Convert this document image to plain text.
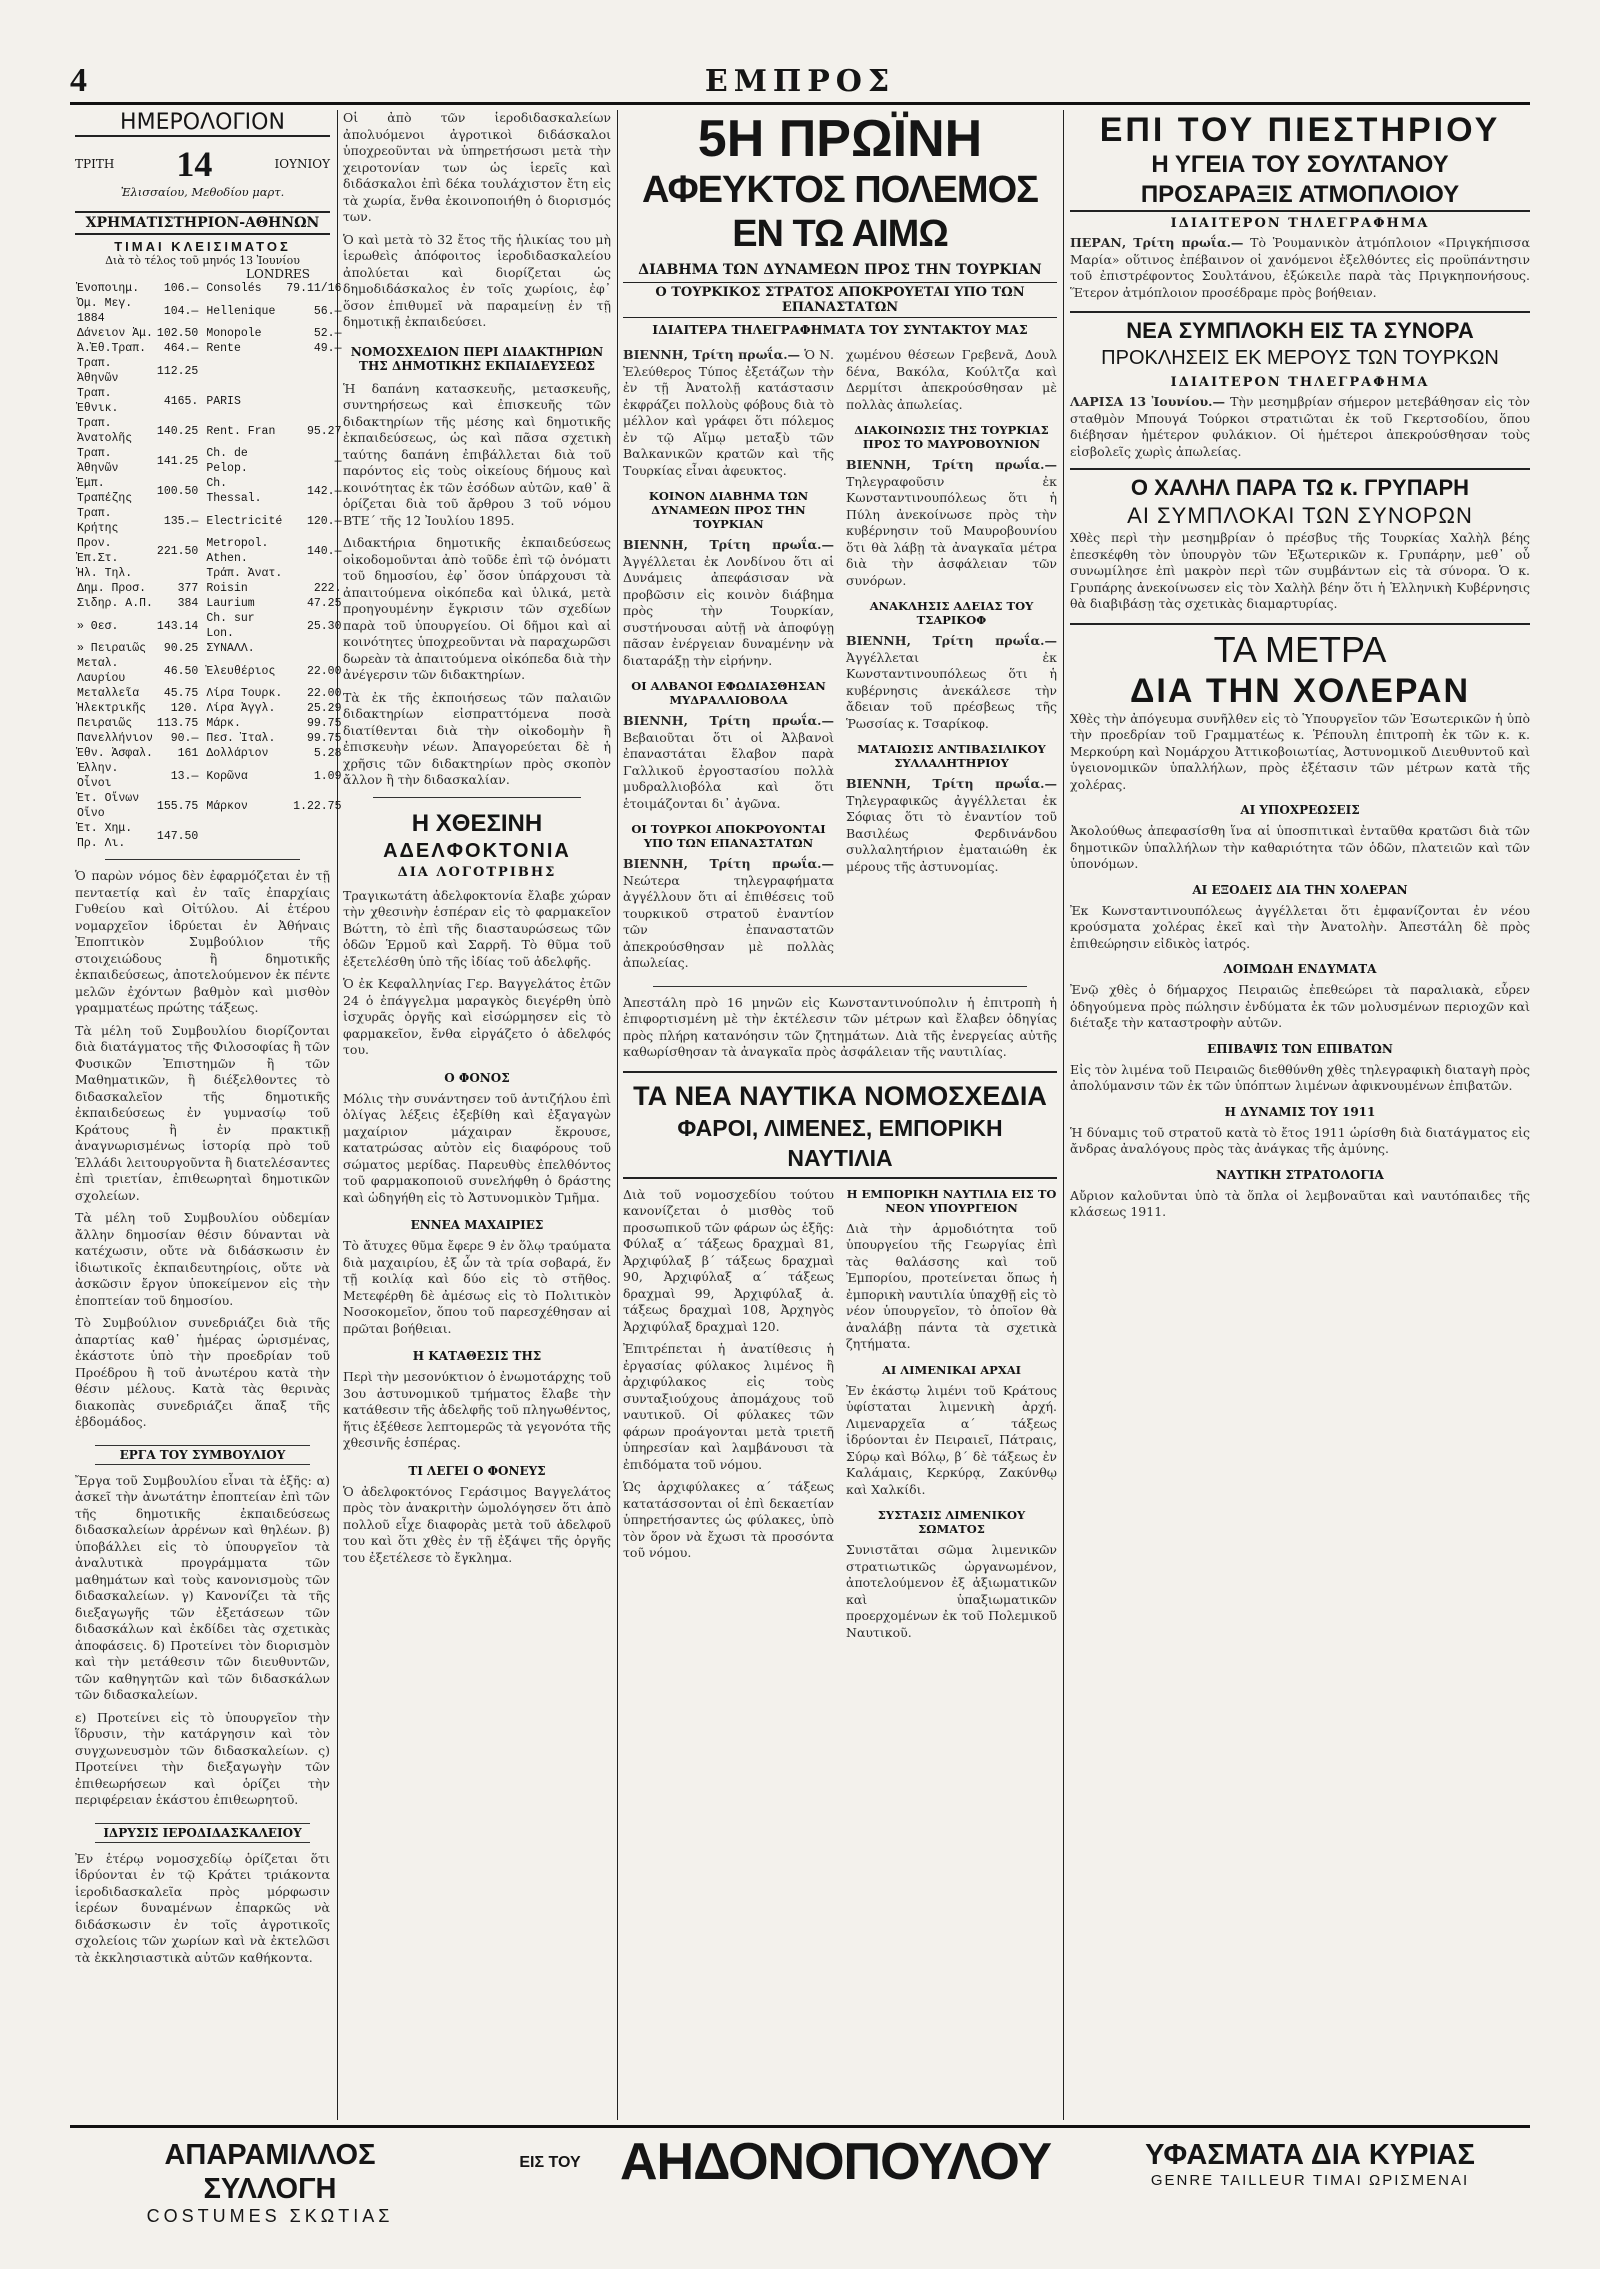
4	ΕΜΠΡΟΣ
ΗΜΕΡΟΛΟΓΙΟΝ
ΤΡΙΤΗ 14	ΙΟΥΝΙΟΥ
Ἐλισσαίου, Μεθοδίου μαρτ.
ΧΡΗΜΑΤΙΣΤΗΡΙΟΝ-ΑΘΗΝΩΝ
ΤΙΜΑΙ ΚΛΕΙΣΙΜΑΤΟΣ
Διὰ τὸ τέλος τοῦ μηνός 13 Ἰουνίου
LONDRES
Ἐνοποιημ.	106.—	Consolés	79.11/16
Ὀμ. Μεγ. 1884	104.—	Hellenique	56.—
Δάνειον Ἀμ.	102.50	Monopole	52.—
Ἀ.Ἐθ.Τραπ.	464.—	Rente	49.—
Τραπ. Ἀθηνῶν	112.25		
Τραπ. Ἐθνικ.	4165.	PARIS	
Τραπ. Ἀνατολῆς	140.25	Rent. Fran	95.27
Τραπ. Ἀθηνῶν	141.25	Ch. de Pelop.	—
Ἐμπ. Τραπέζης	100.50	Ch. Thessal.	142.—
Τραπ. Κρήτης	135.—	Electricité	120.—
Προν. Ἐπ.Στ.	221.50	Metropol. Athen.	140.—
Ἠλ. Τηλ.		Τράπ. Ἀνατ.	
Δημ. Προσ.	377	Roisin	222.
Σιδηρ. Α.Π.	384	Laurium	47.25
» Θεσ.	143.14	Ch. sur Lon.	25.30
» Πειραιῶς	90.25	ΣΥΝΑΛΛ.	
Μεταλ. Λαυρίου	46.50	Ἐλευθέριος	22.00
Μεταλλεῖα	45.75	Λίρα Τουρκ.	22.00
Ἠλεκτρικῆς	120.	Λίρα Ἀγγλ.	25.29
Πειραιῶς	113.75	Μάρκ.	99.75
Πανελλήνιον	90.—	Πεσ. Ἰταλ.	99.75
Ἐθν. Ἀσφαλ.	161	Δολλάριον	5.28
Ἑλλην. Οἶνοι	13.—	Κορῶνα	1.09
Ἐτ. Οἴνων Οἴνο	155.75	Μάρκον	1.22.75
Ἐτ. Χημ. Πρ. Λι.	147.50		

Ὁ παρὼν νόμος δὲν ἐφαρμόζεται ἐν τῇ πενταετίᾳ καὶ ἐν ταῖς ἐπαρχίαις Γυθείου καὶ Οἰτύλου. Αἱ ἑτέρου νομαρχεῖον ἱδρύεται ἐν Ἀθήναις Ἐποπτικὸν Συμβούλιον τῆς στοιχειώδους ἢ δημοτικῆς ἐκπαιδεύσεως, ἀποτελούμενον ἐκ πέντε μελῶν ἐχόντων βαθμὸν καὶ μισθὸν γραμματέως πρώτης τάξεως.

Τὰ μέλη τοῦ Συμβουλίου διορίζονται διὰ διατάγματος τῆς Φιλοσοφίας ἢ τῶν Φυσικῶν Ἐπιστημῶν ἢ τῶν Μαθηματικῶν, ἢ διέξελθοντες τὸ διδασκαλεῖον τῆς δημοτικῆς ἐκπαιδεύσεως ἐν γυμνασίῳ τοῦ Κράτους ἢ ἐν πρακτικῇ ἀναγνωρισμένως ἱστορίᾳ πρὸ τοῦ Ἑλλάδι λειτουργοῦντα ἢ διατελέσαντες ἐπὶ τριετίαν, ἐπιθεωρηταὶ δημοτικῶν σχολείων.

Τὰ μέλη τοῦ Συμβουλίου οὐδεμίαν ἄλλην δημοσίαν θέσιν δύνανται νὰ κατέχωσιν, οὔτε νὰ διδάσκωσιν ἐν ἰδιωτικοῖς ἐκπαιδευτηρίοις, οὔτε νὰ ἀσκῶσιν ἔργον ὑποκείμενον εἰς τὴν ἐποπτείαν τοῦ δημοσίου.

Τὸ Συμβούλιον συνεδριάζει διὰ τῆς ἀπαρτίας καθ᾽ ἡμέρας ὡρισμένας, ἐκάστοτε ὑπὸ τὴν προεδρίαν τοῦ Προέδρου ἢ τοῦ ἀνωτέρου κατὰ τὴν θέσιν μέλους. Κατὰ τὰς θερινὰς διακοπὰς συνεδριάζει ἅπαξ τῆς ἑβδομάδος.

ΕΡΓΑ ΤΟΥ ΣΥΜΒΟΥΛΙΟΥ

Ἔργα τοῦ Συμβουλίου εἶναι τὰ ἑξῆς: α) ἀσκεῖ τὴν ἀνωτάτην ἐποπτείαν ἐπὶ τῶν τῆς δημοτικῆς ἐκπαιδεύσεως διδασκαλείων ἀρρένων καὶ θηλέων. β) ὑποβάλλει εἰς τὸ ὑπουργεῖον τὰ ἀναλυτικὰ προγράμματα τῶν μαθημάτων καὶ τοὺς κανονισμοὺς τῶν διδασκαλείων. γ) Κανονίζει τὰ τῆς διεξαγωγῆς τῶν ἐξετάσεων τῶν διδασκάλων καὶ ἐκδίδει τὰς σχετικὰς ἀποφάσεις. δ) Προτείνει τὸν διορισμὸν καὶ τὴν μετάθεσιν τῶν διευθυντῶν, τῶν καθηγητῶν καὶ τῶν διδασκάλων τῶν διδασκαλείων.

ε) Προτείνει εἰς τὸ ὑπουργεῖον τὴν ἵδρυσιν, τὴν κατάργησιν καὶ τὸν συγχωνευσμὸν τῶν διδασκαλείων. ς) Προτείνει τὴν διεξαγωγὴν τῶν ἐπιθεωρήσεων καὶ ὁρίζει τὴν περιφέρειαν ἑκάστου ἐπιθεωρητοῦ.

ΙΔΡΥΣΙΣ ΙΕΡΟΔΙΔΑΣΚΑΛΕΙΟΥ

Ἐν ἑτέρῳ νομοσχεδίῳ ὁρίζεται ὅτι ἱδρύονται ἐν τῷ Κράτει τριάκοντα ἱεροδιδασκαλεῖα πρὸς μόρφωσιν ἱερέων δυναμένων ἐπαρκῶς νὰ διδάσκωσιν ἐν τοῖς ἀγροτικοῖς σχολείοις τῶν χωρίων καὶ νὰ ἐκτελῶσι τὰ ἐκκλησιαστικὰ αὐτῶν καθήκοντα.

Οἱ ἀπὸ τῶν ἱεροδιδασκαλείων ἀπολυόμενοι ἀγροτικοὶ διδάσκαλοι ὑποχρεοῦνται νὰ ὑπηρετήσωσι μετὰ τὴν χειροτονίαν των ὡς ἱερεῖς καὶ διδάσκαλοι ἐπὶ δέκα τουλάχιστον ἔτη εἰς τὰ χωρία, ἔνθα ἐκοινοποιήθη ὁ διορισμός των.

Ὁ καὶ μετὰ τὸ 32 ἔτος τῆς ἡλικίας του μὴ ἱερωθεὶς ἀπόφοιτος ἱεροδιδασκαλείου ἀπολύεται καὶ διορίζεται ὡς δημοδιδάσκαλος ἐν τοῖς χωρίοις, ἐφ᾽ ὅσον ἐπιθυμεῖ νὰ παραμείνῃ ἐν τῇ δημοτικῇ ἐκπαιδεύσει.

ΝΟΜΟΣΧΕΔΙΟΝ ΠΕΡΙ ΔΙΔΑΚΤΗΡΙΩΝ ΤΗΣ ΔΗΜΟΤΙΚΗΣ ΕΚΠΑΙΔΕΥΣΕΩΣ

Ἡ δαπάνη κατασκευῆς, μετασκευῆς, συντηρήσεως καὶ ἐπισκευῆς τῶν διδακτηρίων τῆς μέσης καὶ δημοτικῆς ἐκπαιδεύσεως, ὡς καὶ πᾶσα σχετικὴ ταύτης δαπάνη ἐπιβάλλεται διὰ τοῦ παρόντος εἰς τοὺς οἰκείους δήμους καὶ κοινότητας ἐκ τῶν ἐσόδων αὐτῶν, καθ᾽ ἃ ὁρίζεται διὰ τοῦ ἄρθρου 3 τοῦ νόμου ΒΤΕ΄ τῆς 12 Ἰουλίου 1895.

Διδακτήρια δημοτικῆς ἐκπαιδεύσεως οἰκοδομοῦνται ἀπὸ τοῦδε ἐπὶ τῷ ὀνόματι τοῦ δημοσίου, ἐφ᾽ ὅσον ὑπάρχουσι τὰ ἀπαιτούμενα οἰκόπεδα καὶ ὑλικά, μετὰ προηγουμένην ἔγκρισιν τῶν σχεδίων παρὰ τοῦ ὑπουργείου. Οἱ δῆμοι καὶ αἱ κοινότητες ὑποχρεοῦνται νὰ παραχωρῶσι δωρεὰν τὰ ἀπαιτούμενα οἰκόπεδα διὰ τὴν ἀνέγερσιν τῶν διδακτηρίων.

Τὰ ἐκ τῆς ἐκποιήσεως τῶν παλαιῶν διδακτηρίων εἰσπραττόμενα ποσὰ διατίθενται διὰ τὴν οἰκοδομὴν ἢ ἐπισκευὴν νέων. Ἀπαγορεύεται δὲ ἡ χρῆσις τῶν διδακτηρίων πρὸς σκοπὸν ἄλλον ἢ τὴν διδασκαλίαν.

Η ΧΘΕΣΙΝΗ
ΑΔΕΛΦΟΚΤΟΝΙΑ
ΔΙΑ ΛΟΓΟΤΡΙΒΗΣ

Τραγικωτάτη ἀδελφοκτονία ἔλαβε χώραν τὴν χθεσινὴν ἑσπέραν εἰς τὸ φαρμακεῖον Βώττη, τὸ ἐπὶ τῆς διασταυρώσεως τῶν ὁδῶν Ἑρμοῦ καὶ Σαρρῆ. Τὸ θῦμα τοῦ ἐξετελέσθη ὑπὸ τῆς ἰδίας τοῦ ἀδελφῆς.

Ὁ ἐκ Κεφαλληνίας Γερ. Βαγγελάτος ἐτῶν 24 ὁ ἐπάγγελμα μαραγκὸς διεγέρθη ὑπὸ ἰσχυρᾶς ὀργῆς καὶ εἰσώρμησεν εἰς τὸ φαρμακεῖον, ἔνθα εἰργάζετο ὁ ἀδελφός του.

Ο ΦΟΝΟΣ

Μόλις τὴν συνάντησεν τοῦ ἀντιζήλου ἐπὶ ὀλίγας λέξεις ἐξεβίθη καὶ ἐξαγαγὼν μαχαίριον μάχαιραν ἔκρουσε, κατατρώσας αὐτὸν εἰς διαφόρους τοῦ σώματος μερίδας. Παρευθὺς ἐπελθόντος τοῦ φαρμακοποιοῦ συνελήφθη ὁ δράστης καὶ ὡδηγήθη εἰς τὸ Ἀστυνομικὸν Τμῆμα.

ΕΝΝΕΑ ΜΑΧΑΙΡΙΕΣ

Τὸ ἄτυχες θῦμα ἔφερε 9 ἐν ὅλῳ τραύματα διὰ μαχαιρίου, ἐξ ὧν τὰ τρία σοβαρά, ἕν τῇ κοιλίᾳ καὶ δύο εἰς τὸ στῆθος. Μετεφέρθη δὲ ἀμέσως εἰς τὸ Πολιτικὸν Νοσοκομεῖον, ὅπου τοῦ παρεσχέθησαν αἱ πρῶται βοήθειαι.

Η ΚΑΤΑΘΕΣΙΣ ΤΗΣ

Περὶ τὴν μεσονύκτιον ὁ ἐνωμοτάρχης τοῦ 3ου ἀστυνομικοῦ τμήματος ἔλαβε τὴν κατάθεσιν τῆς ἀδελφῆς τοῦ πληγωθέντος, ἥτις ἐξέθεσε λεπτομερῶς τὰ γεγονότα τῆς χθεσινῆς ἑσπέρας.

ΤΙ ΛΕΓΕΙ Ο ΦΟΝΕΥΣ

Ὁ ἀδελφοκτόνος Γεράσιμος Βαγγελάτος πρὸς τὸν ἀνακριτὴν ὡμολόγησεν ὅτι ἀπὸ πολλοῦ εἶχε διαφορὰς μετὰ τοῦ ἀδελφοῦ του καὶ ὅτι χθὲς ἐν τῇ ἐξάψει τῆς ὀργῆς του ἐξετέλεσε τὸ ἔγκλημα.

5Η ΠΡΩΪΝΗ
ΑΦΕΥΚΤΟΣ ΠΟΛΕΜΟΣ ΕΝ ΤΩ ΑΙΜΩ
ΔΙΑΒΗΜΑ ΤΩΝ ΔΥΝΑΜΕΩΝ ΠΡΟΣ ΤΗΝ ΤΟΥΡΚΙΑΝ
Ο ΤΟΥΡΚΙΚΟΣ ΣΤΡΑΤΟΣ ΑΠΟΚΡΟΥΕΤΑΙ ΥΠΟ ΤΩΝ ΕΠΑΝΑΣΤΑΤΩΝ
ΙΔΙΑΙΤΕΡΑ ΤΗΛΕΓΡΑΦΗΜΑΤΑ ΤΟΥ ΣΥΝΤΑΚΤΟΥ ΜΑΣ

ΒΙΕΝΝΗ, Τρίτη πρωΐα.— Ὁ Ν. Ἐλεύθερος Τύπος ἐξετάζων τὴν ἐν τῇ Ἀνατολῇ κατάστασιν ἐκφράζει πολλοὺς φόβους διὰ τὸ μέλλον καὶ γράφει ὅτι πόλεμος ἐν τῷ Αἵμῳ μεταξὺ τῶν Βαλκανικῶν κρατῶν καὶ τῆς Τουρκίας εἶναι ἀφευκτος.

ΚΟΙΝΟΝ ΔΙΑΒΗΜΑ ΤΩΝ ΔΥΝΑΜΕΩΝ ΠΡΟΣ ΤΗΝ ΤΟΥΡΚΙΑΝ

ΒΙΕΝΝΗ, Τρίτη πρωΐα.— Ἀγγέλλεται ἐκ Λονδίνου ὅτι αἱ Δυνάμεις ἀπεφάσισαν νὰ προβῶσιν εἰς κοινὸν διάβημα πρὸς τὴν Τουρκίαν, συστήνουσαι αὐτῇ νὰ ἀποφύγῃ πᾶσαν ἐνέργειαν δυναμένην νὰ διαταράξῃ τὴν εἰρήνην.

ΟΙ ΑΛΒΑΝΟΙ ΕΦΩΔΙΑΣΘΗΣΑΝ ΜΥΔΡΑΛΛΙΟΒΟΛΑ

ΒΙΕΝΝΗ, Τρίτη πρωΐα.— Βεβαιοῦται ὅτι οἱ Ἀλβανοὶ ἐπαναστάται ἔλαβον παρὰ Γαλλικοῦ ἐργοστασίου πολλὰ μυδραλλιοβόλα καὶ ὅτι ἑτοιμάζονται δι᾽ ἀγῶνα.

ΟΙ ΤΟΥΡΚΟΙ ΑΠΟΚΡΟΥΟΝΤΑΙ ΥΠΟ ΤΩΝ ΕΠΑΝΑΣΤΑΤΩΝ

ΒΙΕΝΝΗ, Τρίτη πρωΐα.— Νεώτερα τηλεγραφήματα ἀγγέλλουν ὅτι αἱ ἐπιθέσεις τοῦ τουρκικοῦ στρατοῦ ἐναντίον τῶν ἐπαναστατῶν ἀπεκρούσθησαν μὲ πολλὰς ἀπωλείας.

χωμένου θέσεων Γρεβενᾶ, Δουλ δένα, Βακόλα, Κούλτζα καὶ Δερμίτσι ἀπεκρούσθησαν μὲ πολλὰς ἀπωλείας.

ΔΙΑΚΟΙΝΩΣΙΣ ΤΗΣ ΤΟΥΡΚΙΑΣ ΠΡΟΣ ΤΟ ΜΑΥΡΟΒΟΥΝΙΟΝ

ΒΙΕΝΝΗ, Τρίτη πρωΐα.— Τηλεγραφοῦσιν ἐκ Κωνσταντινουπόλεως ὅτι ἡ Πύλη ἀνεκοίνωσε πρὸς τὴν κυβέρνησιν τοῦ Μαυροβουνίου ὅτι θὰ λάβῃ τὰ ἀναγκαῖα μέτρα διὰ τὴν ἀσφάλειαν τῶν συνόρων.

ΑΝΑΚΛΗΣΙΣ ΑΔΕΙΑΣ ΤΟΥ ΤΣΑΡΙΚΟΦ

ΒΙΕΝΝΗ, Τρίτη πρωΐα.— Ἀγγέλλεται ἐκ Κωνσταντινουπόλεως ὅτι ἡ κυβέρνησις ἀνεκάλεσε τὴν ἄδειαν τοῦ πρέσβεως τῆς Ῥωσσίας κ. Τσαρίκοφ.

ΜΑΤΑΙΩΣΙΣ ΑΝΤΙΒΑΣΙΛΙΚΟΥ ΣΥΛΛΑΛΗΤΗΡΙΟΥ

ΒΙΕΝΝΗ, Τρίτη πρωΐα.— Τηλεγραφικῶς ἀγγέλλεται ἐκ Σόφιας ὅτι τὸ ἐναντίον τοῦ Βασιλέως Φερδινάνδου συλλαλητήριον ἐματαιώθη ἐκ μέρους τῆς ἀστυνομίας.

Ἀπεστάλη πρὸ 16 μηνῶν εἰς Κωνσταντινούπολιν ἡ ἐπιτροπὴ ἡ ἐπιφορτισμένη μὲ τὴν ἐκτέλεσιν τῶν μέτρων καὶ ἔλαβεν ὁδηγίας πρὸς πλήρη κατανόησιν τῶν ζητημάτων. Διὰ τῆς ἐνεργείας αὐτῆς καθωρίσθησαν τὰ ἀναγκαῖα πρὸς ἀσφάλειαν τῆς ναυτιλίας.

ΤΑ ΝΕΑ ΝΑΥΤΙΚΑ ΝΟΜΟΣΧΕΔΙΑ
ΦΑΡΟΙ, ΛΙΜΕΝΕΣ, ΕΜΠΟΡΙΚΗ ΝΑΥΤΙΛΙΑ

Διὰ τοῦ νομοσχεδίου τούτου κανονίζεται ὁ μισθὸς τοῦ προσωπικοῦ τῶν φάρων ὡς ἑξῆς: Φύλαξ α΄ τάξεως δραχμαὶ 81, Ἀρχιφύλαξ β΄ τάξεως δραχμαὶ 90, Ἀρχιφύλαξ α΄ τάξεως δραχμαὶ 99, Ἀρχιφύλαξ ἀ. τάξεως δραχμαὶ 108, Ἀρχηγὸς Ἀρχιφύλαξ δραχμαὶ 120.

Ἐπιτρέπεται ἡ ἀνατίθεσις ἡ ἐργασίας φύλακος λιμένος ἢ ἀρχιφύλακος εἰς τοὺς συνταξιούχους ἀπομάχους τοῦ ναυτικοῦ. Οἱ φύλακες τῶν φάρων προάγονται μετὰ τριετῆ ὑπηρεσίαν καὶ λαμβάνουσι τὰ ἐπιδόματα τοῦ νόμου.

Ὡς ἀρχιφύλακες α΄ τάξεως κατατάσσονται οἱ ἐπὶ δεκαετίαν ὑπηρετήσαντες ὡς φύλακες, ὑπὸ τὸν ὅρον νὰ ἔχωσι τὰ προσόντα τοῦ νόμου.

Η ΕΜΠΟΡΙΚΗ ΝΑΥΤΙΛΙΑ ΕΙΣ ΤΟ ΝΕΟΝ ΥΠΟΥΡΓΕΙΟΝ

Διὰ τὴν ἁρμοδιότητα τοῦ ὑπουργείου τῆς Γεωργίας ἐπὶ τὰς θαλάσσης καὶ τοῦ Ἐμπορίου, προτείνεται ὅπως ἡ ἐμπορικὴ ναυτιλία ὑπαχθῇ εἰς τὸ νέον ὑπουργεῖον, τὸ ὁποῖον θὰ ἀναλάβῃ πάντα τὰ σχετικὰ ζητήματα.

ΑΙ ΛΙΜΕΝΙΚΑΙ ΑΡΧΑΙ

Ἐν ἑκάστῳ λιμένι τοῦ Κράτους ὑφίσταται λιμενικὴ ἀρχή. Λιμεναρχεῖα α΄ τάξεως ἱδρύονται ἐν Πειραιεῖ, Πάτραις, Σύρῳ καὶ Βόλῳ, β΄ δὲ τάξεως ἐν Καλάμαις, Κερκύρᾳ, Ζακύνθῳ καὶ Χαλκίδι.

ΣΥΣΤΑΣΙΣ ΛΙΜΕΝΙΚΟΥ ΣΩΜΑΤΟΣ

Συνιστᾶται σῶμα λιμενικῶν στρατιωτικῶς ὠργανωμένον, ἀποτελούμενον ἐξ ἀξιωματικῶν καὶ ὑπαξιωματικῶν προερχομένων ἐκ τοῦ Πολεμικοῦ Ναυτικοῦ.

ΕΠΙ ΤΟΥ ΠΙΕΣΤΗΡΙΟΥ
Η ΥΓΕΙΑ ΤΟΥ ΣΟΥΛΤΑΝΟΥ
ΠΡΟΣΑΡΑΞΙΣ ΑΤΜΟΠΛΟΙΟΥ
ΙΔΙΑΙΤΕΡΟΝ ΤΗΛΕΓΡΑΦΗΜΑ

ΠΕΡΑΝ, Τρίτη πρωΐα.— Τὸ Ῥουμανικὸν ἀτμόπλοιον «Πριγκήπισσα Μαρία» οὕτινος ἐπέβαινον οἱ χανόμενοι ἐξελθόντες εἰς προϋπάντησιν τοῦ ἐπιστρέφοντος Σουλτάνου, ἐξώκειλε παρὰ τὰς Πριγκηπονήσους. Ἕτερον ἀτμόπλοιον προσέδραμε πρὸς βοήθειαν.

ΝΕΑ ΣΥΜΠΛΟΚΗ ΕΙΣ ΤΑ ΣΥΝΟΡΑ
ΠΡΟΚΛΗΣΕΙΣ ΕΚ ΜΕΡΟΥΣ ΤΩΝ ΤΟΥΡΚΩΝ
ΙΔΙΑΙΤΕΡΟΝ ΤΗΛΕΓΡΑΦΗΜΑ

ΛΑΡΙΣΑ 13 Ἰουνίου.— Τὴν μεσημβρίαν σήμερον μετεβάθησαν εἰς τὸν σταθμὸν Μπουγά Τούρκοι στρατιῶται ἐκ τοῦ Γκερτσοδίου, ὅπου διέβησαν ἡμέτερον φυλάκιον. Οἱ ἡμέτεροι ἀπεκρούσθησαν τοὺς εἰσβολεῖς χωρὶς ἀπωλείας.

Ο ΧΑΛΗΛ ΠΑΡΑ ΤΩ κ. ΓΡΥΠΑΡΗ
ΑΙ ΣΥΜΠΛΟΚΑΙ ΤΩΝ ΣΥΝΟΡΩΝ

Χθὲς περὶ τὴν μεσημβρίαν ὁ πρέσβυς τῆς Τουρκίας Χαλὴλ βέης ἐπεσκέφθη τὸν ὑπουργὸν τῶν Ἐξωτερικῶν κ. Γρυπάρην, μεθ᾽ οὗ συνωμίλησε ἐπὶ μακρὸν περὶ τῶν συμβάντων εἰς τὰ σύνορα. Ὁ κ. Γρυπάρης ἀνεκοίνωσεν εἰς τὸν Χαλὴλ βέην ὅτι ἡ Ἑλληνικὴ Κυβέρνησις θὰ διαβιβάσῃ τὰς σχετικὰς διαμαρτυρίας.

ΤΑ ΜΕΤΡΑ
ΔΙΑ ΤΗΝ ΧΟΛΕΡΑΝ

Χθὲς τὴν ἀπόγευμα συνῆλθεν εἰς τὸ Ὑπουργεῖον τῶν Ἐσωτερικῶν ἡ ὑπὸ τὴν προεδρίαν τοῦ Γραμματέως κ. Ῥέπουλη ἐπιτροπὴ ἐκ τῶν κ. κ. Μερκούρη καὶ Νομάρχου Ἀττικοβοιωτίας, Ἀστυνομικοῦ Διευθυντοῦ καὶ ὑγειονομικῶν ὑπαλλήλων, πρὸς ἐξέτασιν τῶν μέτρων κατὰ τῆς χολέρας.

ΑΙ ΥΠΟΧΡΕΩΣΕΙΣ

Ἀκολούθως ἀπεφασίσθη ἵνα αἱ ὑποσπιτικαὶ ἐνταῦθα κρατῶσι διὰ τῶν δημοτικῶν ὑπαλλήλων τὴν καθαριότητα τῶν ὁδῶν, πλατειῶν καὶ τῶν ὑπονόμων.

ΑΙ ΕΞΟΔΕΙΣ ΔΙΑ ΤΗΝ ΧΟΛΕΡΑΝ

Ἐκ Κωνσταντινουπόλεως ἀγγέλλεται ὅτι ἐμφανίζονται ἐν νέου κρούσματα χολέρας ἐκεῖ καὶ τὴν Ἀνατολὴν. Ἀπεστάλη δὲ πρὸς ἐπιθεώρησιν εἰδικὸς ἰατρός.

ΛΟΙΜΩΔΗ ΕΝΔΥΜΑΤΑ

Ἐνῷ χθὲς ὁ δήμαρχος Πειραιῶς ἐπεθεώρει τὰ παραλιακὰ, εὗρεν ὁδηγούμενα πρὸς πώλησιν ἐνδύματα ἐκ τῶν μολυσμένων περιοχῶν καὶ διέταξε τὴν καταστροφὴν αὐτῶν.

ΕΠΙΒΑΨΙΣ ΤΩΝ ΕΠΙΒΑΤΩΝ

Εἰς τὸν λιμένα τοῦ Πειραιῶς διεθθύνθη χθὲς τηλεγραφικὴ διαταγὴ πρὸς ἀπολύμανσιν τῶν ἐκ τῶν ὑπόπτων λιμένων ἀφικνουμένων ἐπιβατῶν.

Η ΔΥΝΑΜΙΣ ΤΟΥ 1911

Ἡ δύναμις τοῦ στρατοῦ κατὰ τὸ ἔτος 1911 ὡρίσθη διὰ διατάγματος εἰς ἄνδρας ἀναλόγους πρὸς τὰς ἀνάγκας τῆς ἀμύνης.

ΝΑΥΤΙΚΗ ΣΤΡΑΤΟΛΟΓΙΑ

Αὔριον καλοῦνται ὑπὸ τὰ ὅπλα οἱ λεμβοναῦται καὶ ναυτόπαιδες τῆς κλάσεως 1911.

ΑΠΑΡΑΜΙΛΛΟΣ ΣΥΛΛΟΓΗ
COSTUMES ΣΚΩΤΙΑΣ
ΕΙΣ ΤΟΥ ΑΗΔΟΝΟΠΟΥΛΟΥ	ΥΦΑΣΜΑΤΑ ΔΙΑ ΚΥΡΙΑΣ
GENRE TAILLEUR ΤΙΜΑΙ ΩΡΙΣΜΕΝΑΙ
